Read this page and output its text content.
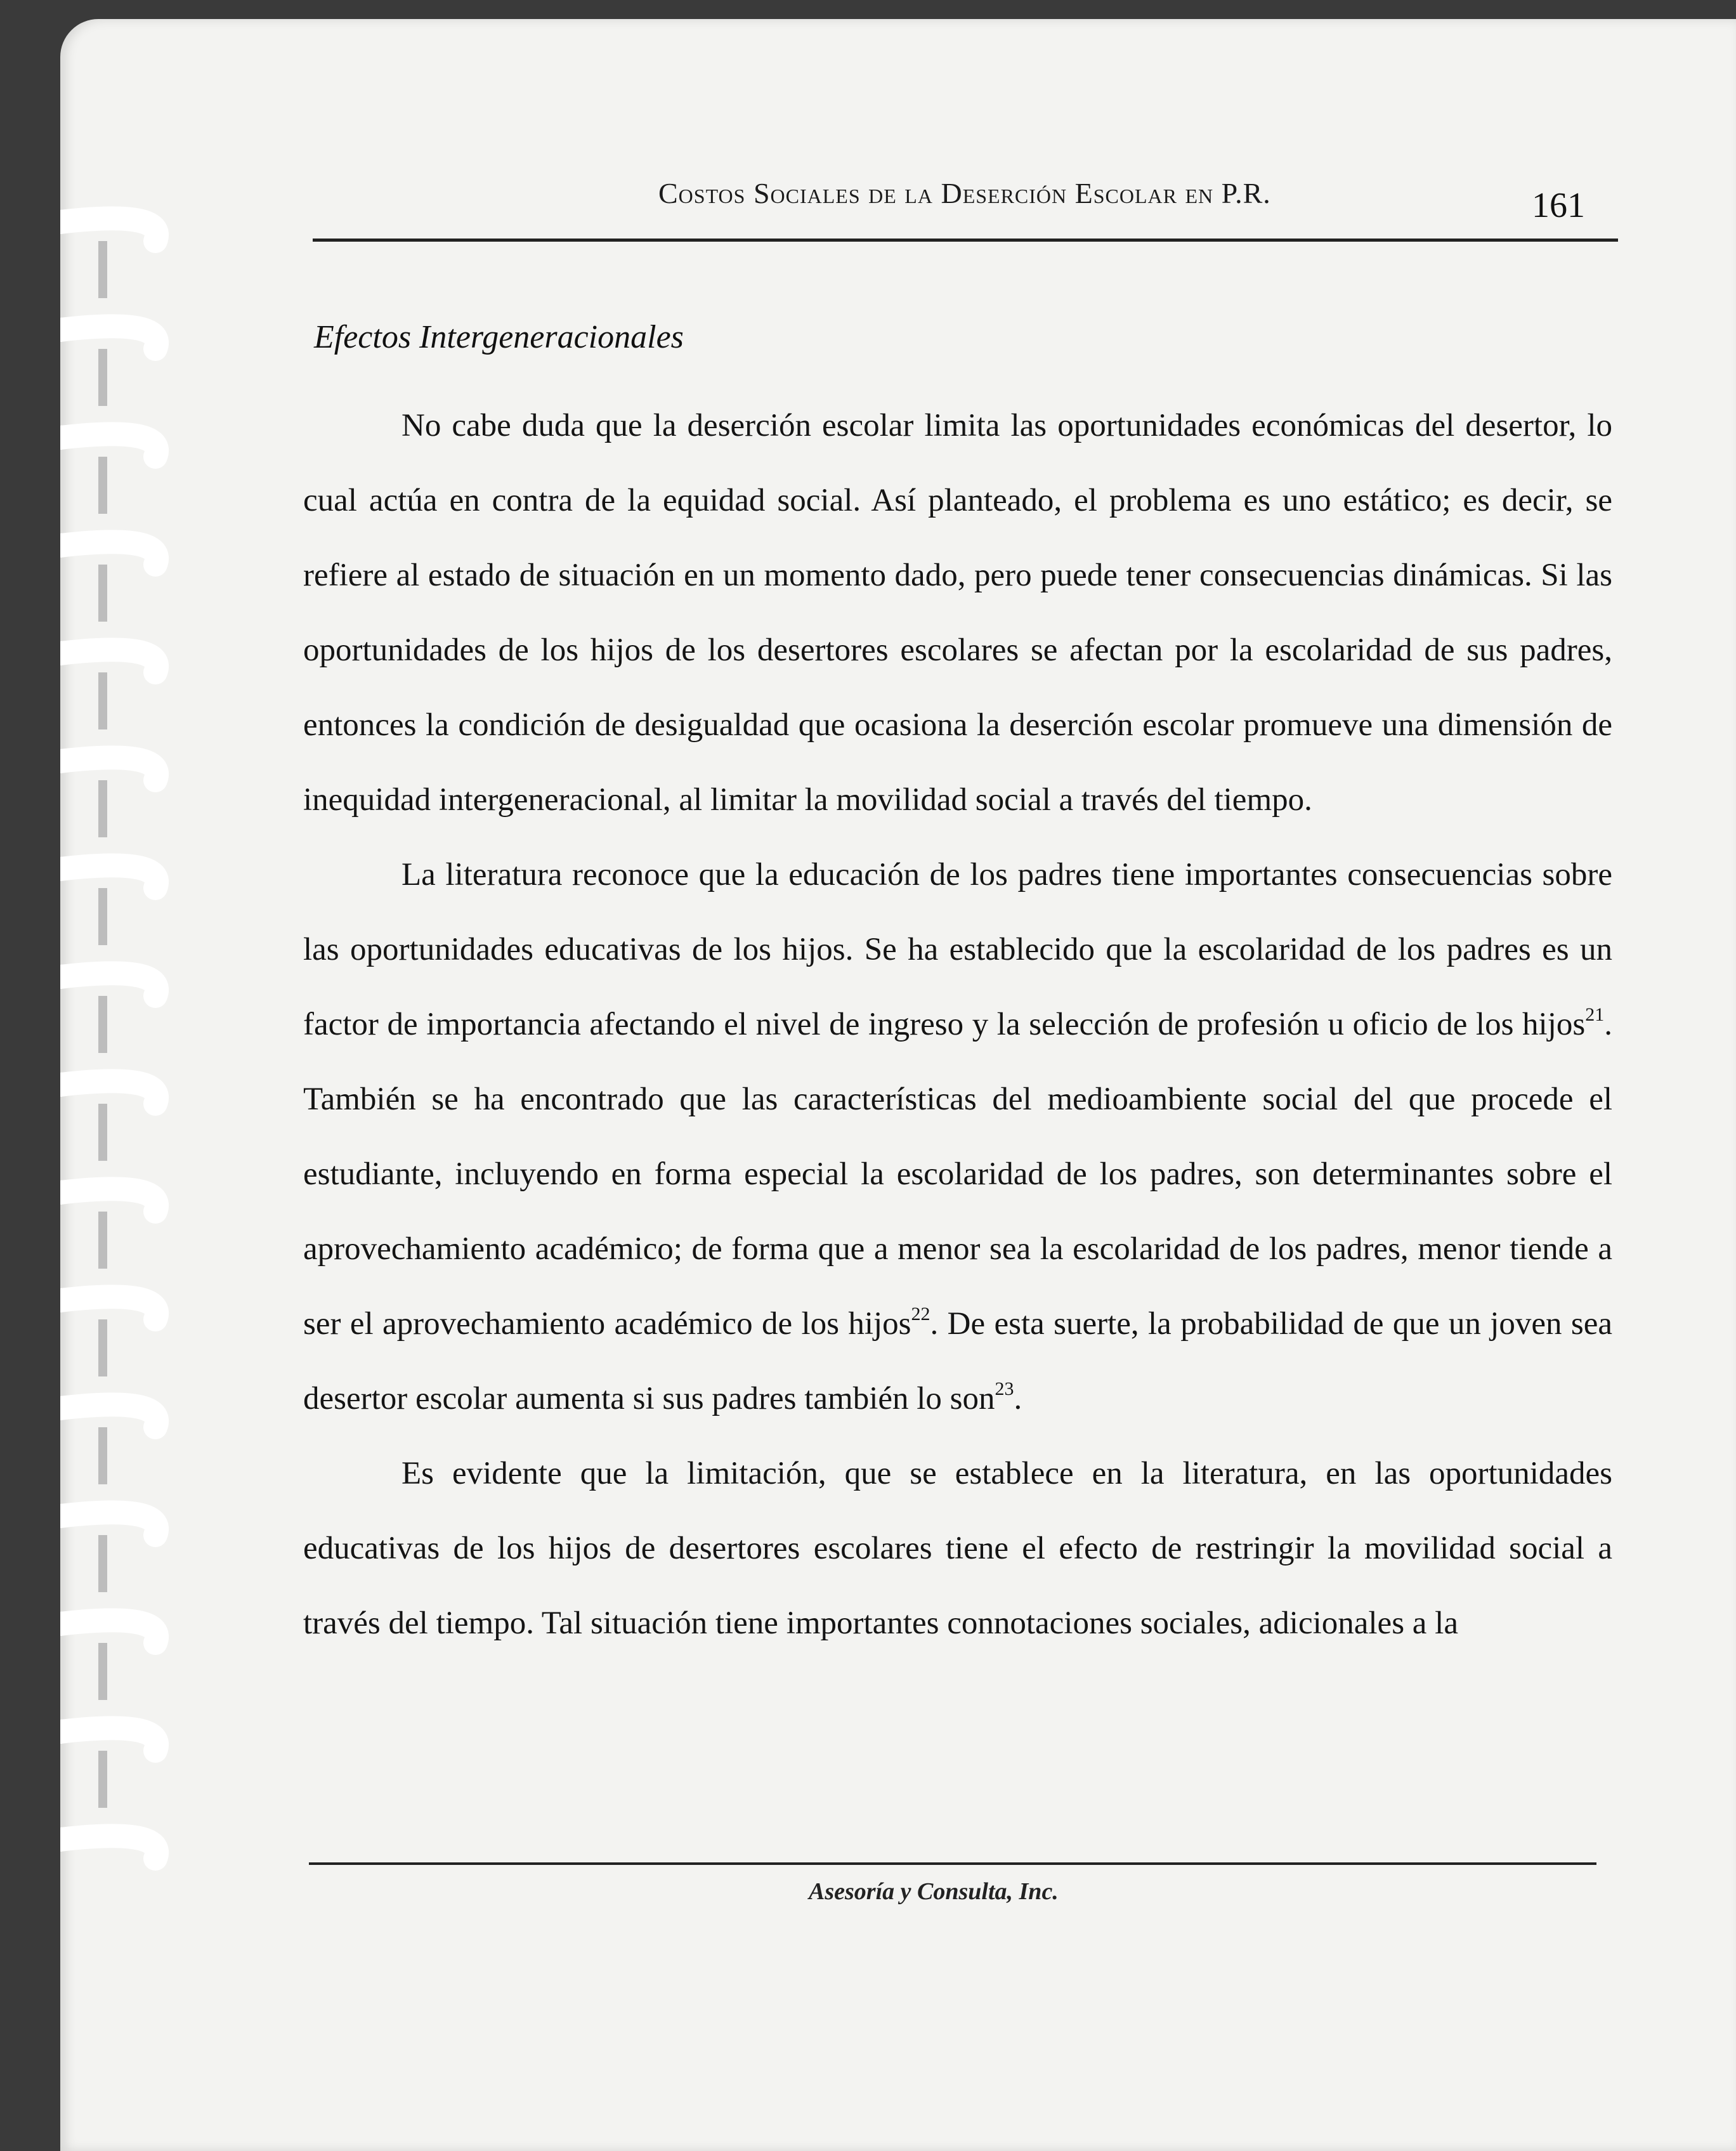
Costos Sociales de la Deserción Escolar en P.R.	161
Efectos Intergeneracionales

No cabe duda que la deserción escolar limita las oportunidades económicas del desertor, lo cual actúa en contra de la equidad social. Así planteado, el problema es uno estático; es decir, se refiere al estado de situación en un momento dado, pero puede tener consecuencias dinámicas. Si las oportunidades de los hijos de los desertores escolares se afectan por la escolaridad de sus padres, entonces la condición de desigualdad que ocasiona la deserción escolar promueve una dimensión de inequidad intergeneracional, al limitar la movilidad social a través del tiempo.

La literatura reconoce que la educación de los padres tiene importantes consecuencias sobre las oportunidades educativas de los hijos. Se ha establecido que la escolaridad de los padres es un factor de importancia afectando el nivel de ingreso y la selección de profesión u oficio de los hijos$^{21}$. También se ha encontrado que las características del medioambiente social del que procede el estudiante, incluyendo en forma especial la escolaridad de los padres, son determinantes sobre el aprovechamiento académico; de forma que a menor sea la escolaridad de los padres, menor tiende a ser el aprovechamiento académico de los hijos$^{22}$. De esta suerte, la probabilidad de que un joven sea desertor escolar aumenta si sus padres también lo son$^{23}$.

Es evidente que la limitación, que se establece en la literatura, en las oportunidades educativas de los hijos de desertores escolares tiene el efecto de restringir la movilidad social a través del tiempo. Tal situación tiene importantes connotaciones sociales, adicionales a la

Asesoría y Consulta, Inc.
